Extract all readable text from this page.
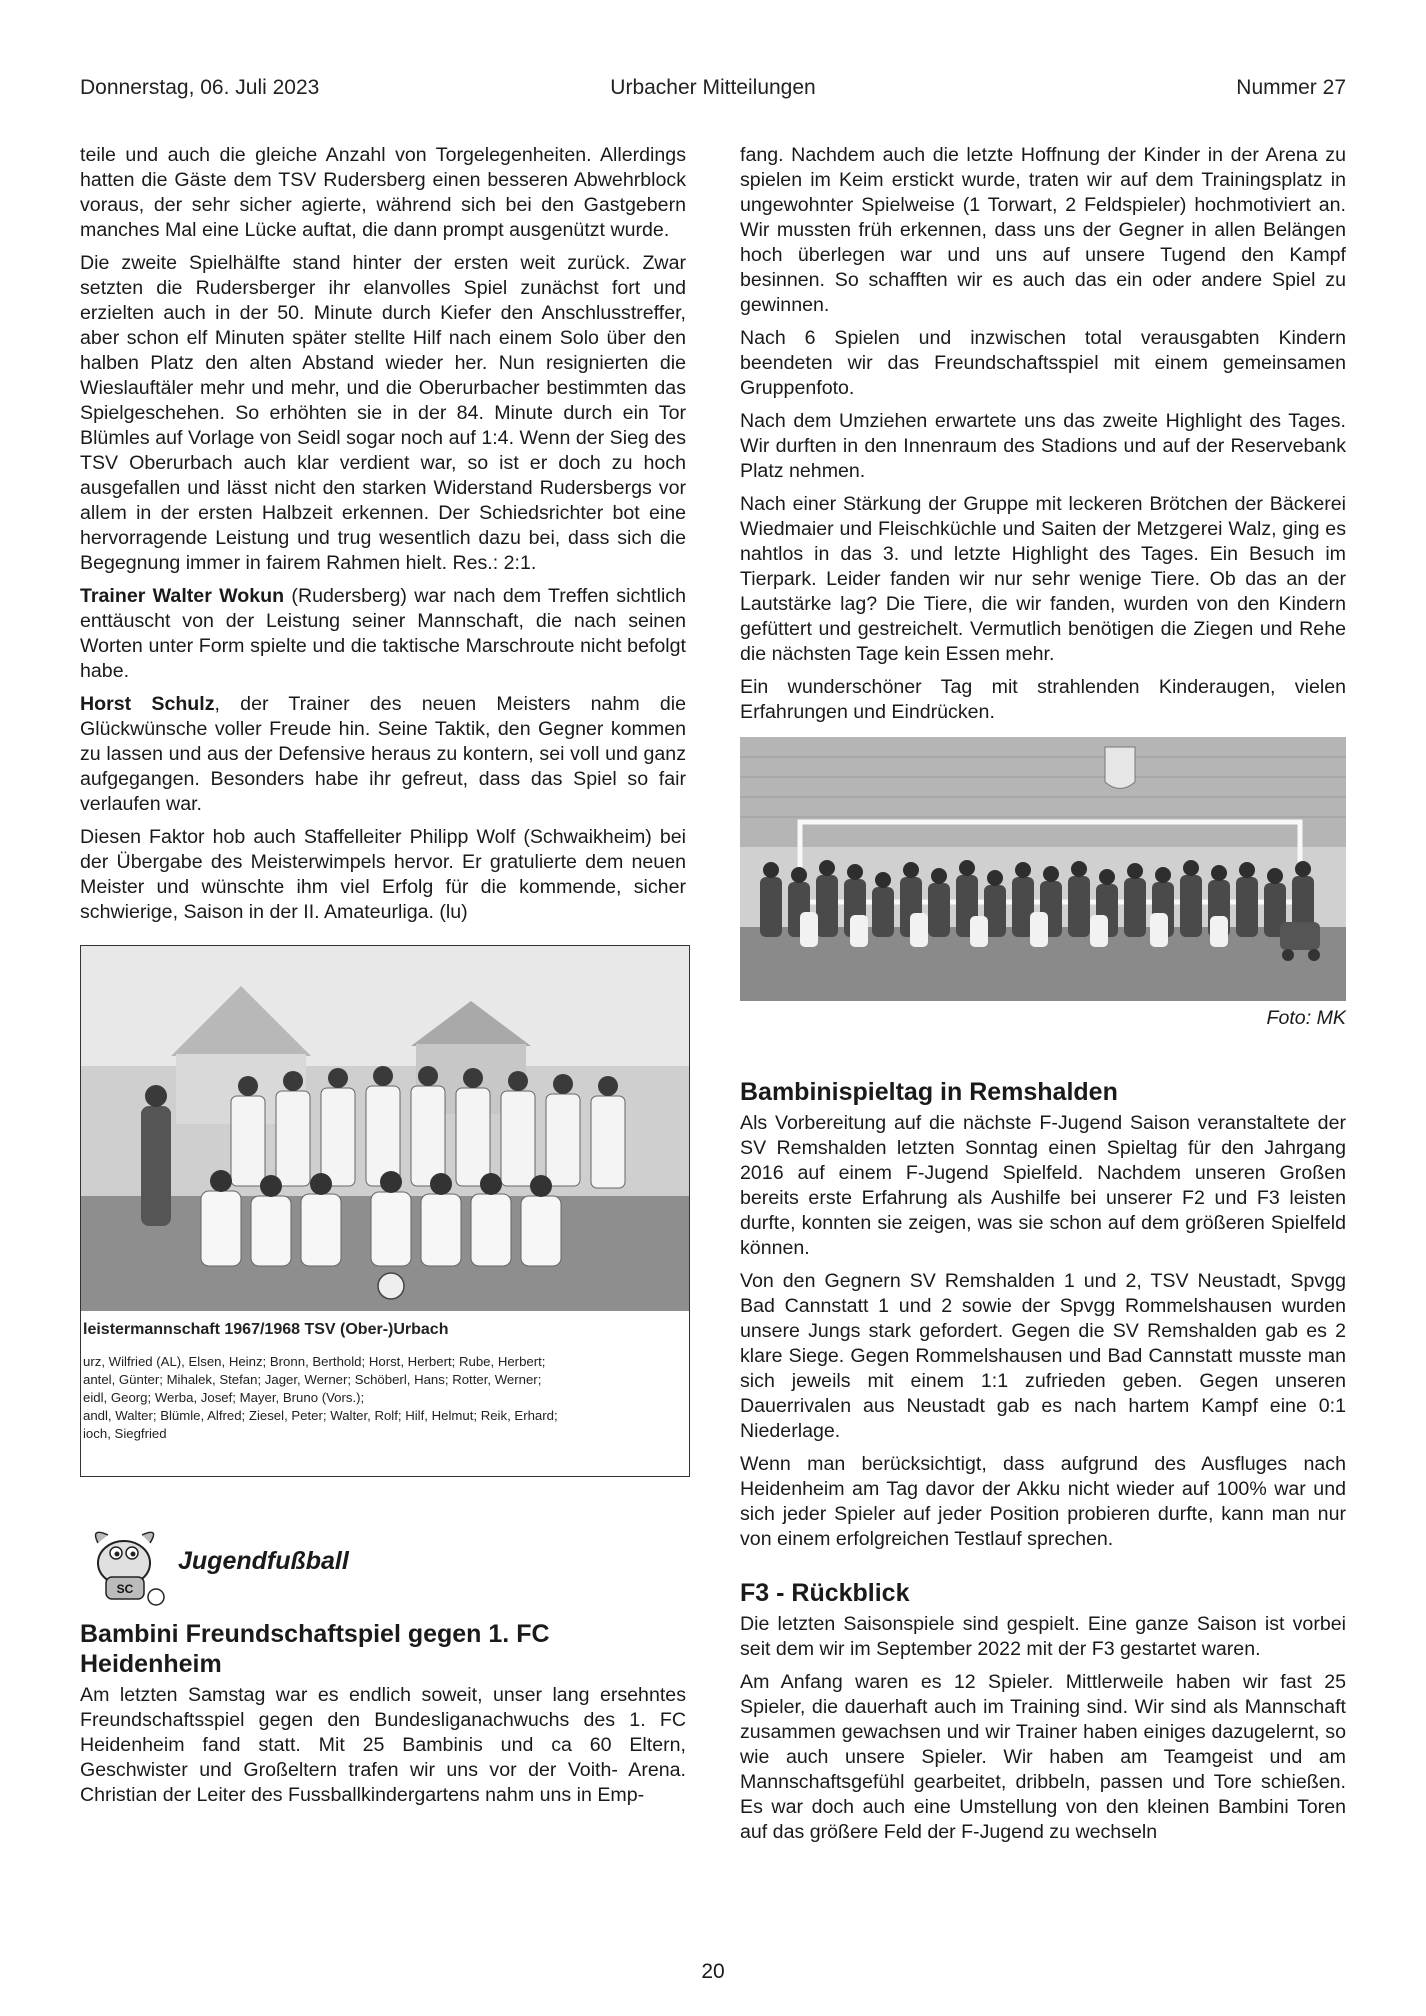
Urbacher Mitteilungen
Donnerstag, 06. Juli 2023	Nummer 27

teile und auch die gleiche Anzahl von Torgelegenheiten. Allerdings hatten die Gäste dem TSV Rudersberg einen besseren Abwehrblock voraus, der sehr sicher agierte, während sich bei den Gastgebern manches Mal eine Lücke auftat, die dann prompt ausgenützt wurde.

Die zweite Spielhälfte stand hinter der ersten weit zurück. Zwar setzten die Rudersberger ihr elanvolles Spiel zunächst fort und erzielten auch in der 50. Minute durch Kiefer den Anschlusstreffer, aber schon elf Minuten später stellte Hilf nach einem Solo über den halben Platz den alten Abstand wieder her. Nun resignierten die Wieslauftäler mehr und mehr, und die Oberurbacher bestimmten das Spielgeschehen. So erhöhten sie in der 84. Minute durch ein Tor Blümles auf Vorlage von Seidl sogar noch auf 1:4. Wenn der Sieg des TSV Oberurbach auch klar verdient war, so ist er doch zu hoch ausgefallen und lässt nicht den starken Widerstand Rudersbergs vor allem in der ersten Halbzeit erkennen. Der Schiedsrichter bot eine hervorragende Leistung und trug wesentlich dazu bei, dass sich die Begegnung immer in fairem Rahmen hielt. Res.: 2:1.

Trainer Walter Wokun (Rudersberg) war nach dem Treffen sichtlich enttäuscht von der Leistung seiner Mannschaft, die nach seinen Worten unter Form spielte und die taktische Marschroute nicht befolgt habe.

Horst Schulz, der Trainer des neuen Meisters nahm die Glückwünsche voller Freude hin. Seine Taktik, den Gegner kommen zu lassen und aus der Defensive heraus zu kontern, sei voll und ganz aufgegangen. Besonders habe ihr gefreut, dass das Spiel so fair verlaufen war.

Diesen Faktor hob auch Staffelleiter Philipp Wolf (Schwaikheim) bei der Übergabe des Meisterwimpels hervor. Er gratulierte dem neuen Meister und wünschte ihm viel Erfolg für die kommende, sicher schwierige, Saison in der II. Amateurliga. (lu)

leistermannschaft 1967/1968 TSV (Ober-)Urbach
urz, Wilfried (AL), Elsen, Heinz; Bronn, Berthold; Horst, Herbert; Rube, Herbert;
antel, Günter; Mihalek, Stefan; Jager, Werner; Schöberl, Hans; Rotter, Werner;
eidl, Georg; Werba, Josef; Mayer, Bruno (Vors.);
andl, Walter; Blümle, Alfred; Ziesel, Peter; Walter, Rolf; Hilf, Helmut; Reik, Erhard;
ioch, Siegfried
SC
Jugendfußball
Bambini Freundschaftspiel gegen 1. FC Heidenheim

Am letzten Samstag war es endlich soweit, unser lang ersehntes Freundschaftsspiel gegen den Bundesliganachwuchs des 1. FC Heidenheim fand statt. Mit 25 Bambinis und ca 60 Eltern, Geschwister und Großeltern trafen wir uns vor der Voith- Arena. Christian der Leiter des Fussballkindergartens nahm uns in Emp-

fang. Nachdem auch die letzte Hoffnung der Kinder in der Arena zu spielen im Keim erstickt wurde, traten wir auf dem Trainingsplatz in ungewohnter Spielweise (1 Torwart, 2 Feldspieler) hochmotiviert an. Wir mussten früh erkennen, dass uns der Gegner in allen Belängen hoch überlegen war und uns auf unsere Tugend den Kampf besinnen. So schafften wir es auch das ein oder andere Spiel zu gewinnen.

Nach 6 Spielen und inzwischen total verausgabten Kindern beendeten wir das Freundschaftsspiel mit einem gemeinsamen Gruppenfoto.

Nach dem Umziehen erwartete uns das zweite Highlight des Tages. Wir durften in den Innenraum des Stadions und auf der Reservebank Platz nehmen.

Nach einer Stärkung der Gruppe mit leckeren Brötchen der Bäckerei Wiedmaier und Fleischküchle und Saiten der Metzgerei Walz, ging es nahtlos in das 3. und letzte Highlight des Tages. Ein Besuch im Tierpark. Leider fanden wir nur sehr wenige Tiere. Ob das an der Lautstärke lag? Die Tiere, die wir fanden, wurden von den Kindern gefüttert und gestreichelt. Vermutlich benötigen die Ziegen und Rehe die nächsten Tage kein Essen mehr.

Ein wunderschöner Tag mit strahlenden Kinderaugen, vielen Erfahrungen und Eindrücken.

Foto: MK
Bambinispieltag in Remshalden

Als Vorbereitung auf die nächste F-Jugend Saison veranstaltete der SV Remshalden letzten Sonntag einen Spieltag für den Jahrgang 2016 auf einem F-Jugend Spielfeld. Nachdem unseren Großen bereits erste Erfahrung als Aushilfe bei unserer F2 und F3 leisten durfte, konnten sie zeigen, was sie schon auf dem größeren Spielfeld können.

Von den Gegnern SV Remshalden 1 und 2, TSV Neustadt, Spvgg Bad Cannstatt 1 und 2 sowie der Spvgg Rommelshausen wurden unsere Jungs stark gefordert. Gegen die SV Remshalden gab es 2 klare Siege. Gegen Rommelshausen und Bad Cannstatt musste man sich jeweils mit einem 1:1 zufrieden geben. Gegen unseren Dauerrivalen aus Neustadt gab es nach hartem Kampf eine 0:1 Niederlage.

Wenn man berücksichtigt, dass aufgrund des Ausfluges nach Heidenheim am Tag davor der Akku nicht wieder auf 100% war und sich jeder Spieler auf jeder Position probieren durfte, kann man nur von einem erfolgreichen Testlauf sprechen.

F3 - Rückblick

Die letzten Saisonspiele sind gespielt. Eine ganze Saison ist vorbei seit dem wir im September 2022 mit der F3 gestartet waren.

Am Anfang waren es 12 Spieler. Mittlerweile haben wir fast 25 Spieler, die dauerhaft auch im Training sind. Wir sind als Mannschaft zusammen gewachsen und wir Trainer haben einiges dazugelernt, so wie auch unsere Spieler. Wir haben am Teamgeist und am Mannschaftsgefühl gearbeitet, dribbeln, passen und Tore schießen. Es war doch auch eine Umstellung von den kleinen Bambini Toren auf das größere Feld der F-Jugend zu wechseln

20
